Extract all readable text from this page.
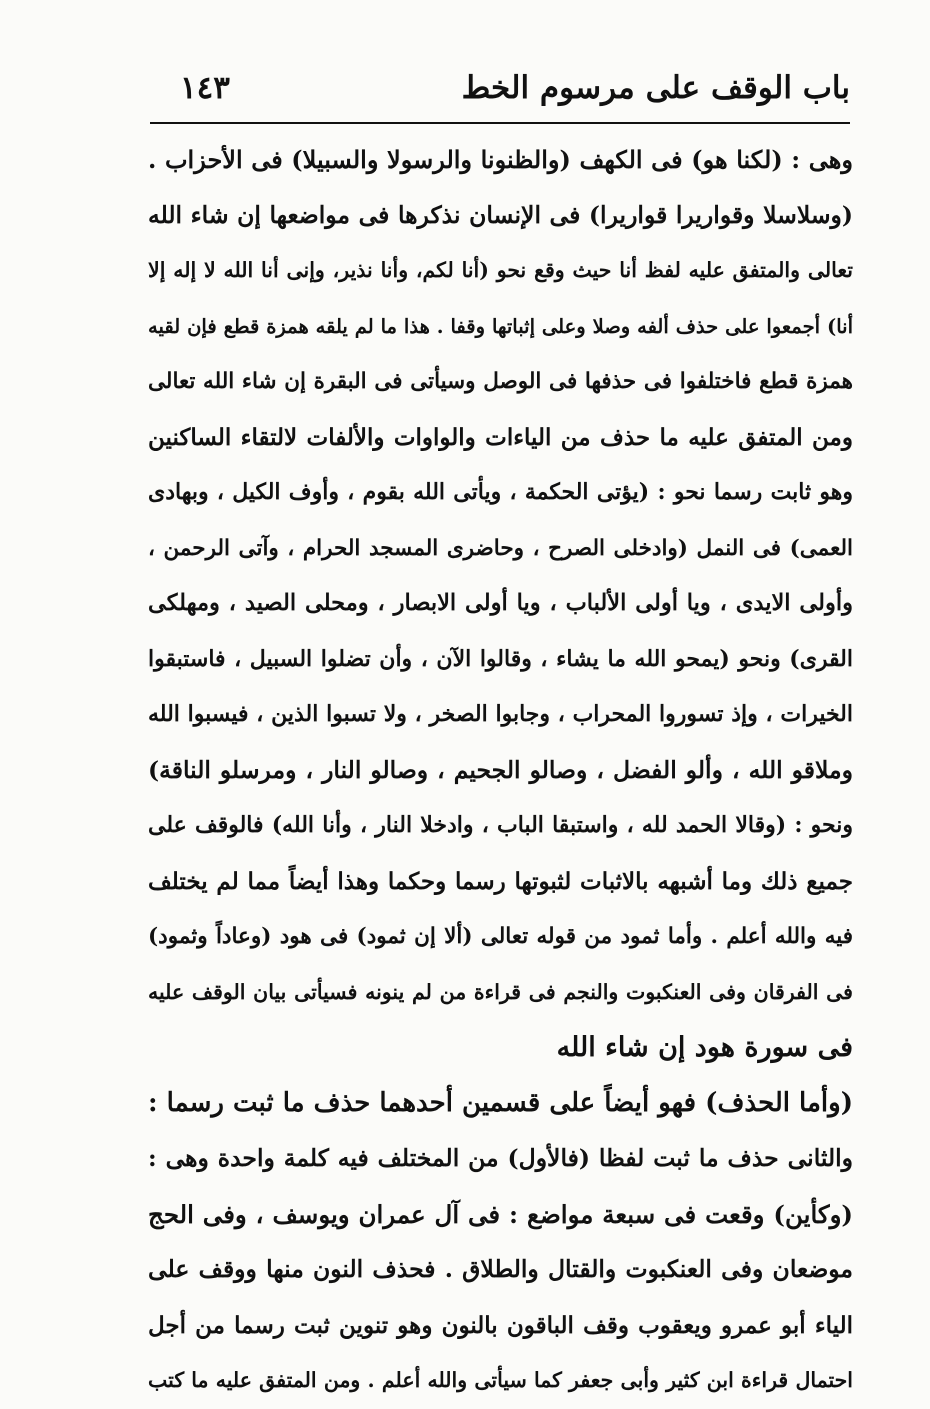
باب الوقف على مرسوم الخط
١٤٣
وهى : (لكنا هو) فى الكهف (والظنونا والرسولا والسبيلا) فى الأحزاب .
(وسلاسلا وقواريرا قواريرا) فى الإنسان نذكرها فى مواضعها إن شاء الله
تعالى والمتفق عليه لفظ أنا حيث وقع نحو (أنا لكم، وأنا نذير، وإنى أنا الله لا إله إلا
أنا) أجمعوا على حذف ألفه وصلا وعلى إثباتها وقفا . هذا ما لم يلقه همزة قطع فإن لقيه
همزة قطع فاختلفوا فى حذفها فى الوصل وسيأتى فى البقرة إن شاء الله تعالى
ومن المتفق عليه ما حذف من الياءات والواوات والألفات لالتقاء الساكنين
وهو ثابت رسما نحو : (يؤتى الحكمة ، ويأتى الله بقوم ، وأوف الكيل ، وبهادى
العمى) فى النمل (وادخلى الصرح ، وحاضرى المسجد الحرام ، وآتى الرحمن ،
وأولى الايدى ، ويا أولى الألباب ، ويا أولى الابصار ، ومحلى الصيد ، ومهلكى
القرى) ونحو (يمحو الله ما يشاء ، وقالوا الآن ، وأن تضلوا السبيل ، فاستبقوا
الخيرات ، وإذ تسوروا المحراب ، وجابوا الصخر ، ولا تسبوا الذين ، فيسبوا الله
وملاقو الله ، وألو الفضل ، وصالو الجحيم ، وصالو النار ، ومرسلو الناقة)
ونحو : (وقالا الحمد لله ، واستبقا الباب ، وادخلا النار ، وأنا الله) فالوقف على
جميع ذلك وما أشبهه بالاثبات لثبوتها رسما وحكما وهذا أيضاً مما لم يختلف
فيه والله أعلم . وأما ثمود من قوله تعالى (ألا إن ثمود) فى هود (وعاداً وثمود)
فى الفرقان وفى العنكبوت والنجم فى قراءة من لم ينونه فسيأتى بيان الوقف عليه
فى سورة هود إن شاء الله
(وأما الحذف) فهو أيضاً على قسمين أحدهما حذف ما ثبت رسما :
والثانى حذف ما ثبت لفظا (فالأول) من المختلف فيه كلمة واحدة وهى :
(وكأين) وقعت فى سبعة مواضع : فى آل عمران ويوسف ، وفى الحج
موضعان وفى العنكبوت والقتال والطلاق . فحذف النون منها ووقف على
الياء أبو عمرو ويعقوب وقف الباقون بالنون وهو تنوين ثبت رسما من أجل
احتمال قراءة ابن كثير وأبى جعفر كما سيأتى والله أعلم . ومن المتفق عليه ما كتب
